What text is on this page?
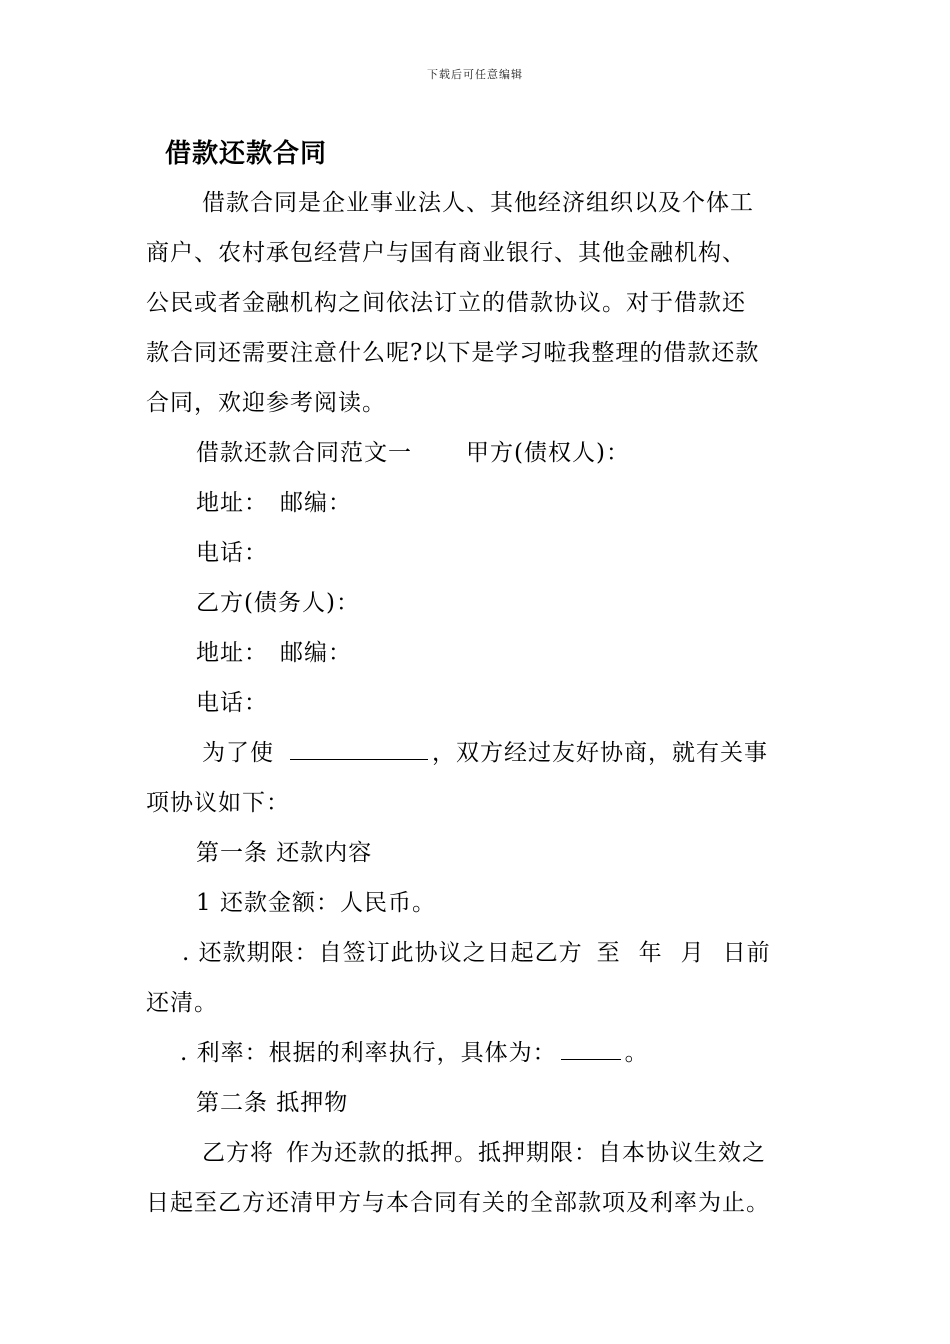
下载后可任意编辑
借款还款合同
借款合同是企业事业法人、其他经济组织以及个体工
商户、农村承包经营户与国有商业银行、其他金融机构、
公民或者金融机构之间依法订立的借款协议。对于借款还
款合同还需要注意什么呢?以下是学习啦我整理的借款还款
合同，欢迎参考阅读。
借款还款合同范文一 甲方(债权人)：
地址： 邮编：
电话：
乙方(债务人)：
地址： 邮编：
电话：
为了使	，双方经过友好协商，就有关事
项协议如下：
第一条 还款内容
1 还款金额：人民币。
. 还款期限：自签订此协议之日起乙方 至 年 月 日前
还清。
. 利率：根据的利率执行，具体为：	。
第二条 抵押物
乙方将 作为还款的抵押。抵押期限：自本协议生效之
日起至乙方还清甲方与本合同有关的全部款项及利率为止。
